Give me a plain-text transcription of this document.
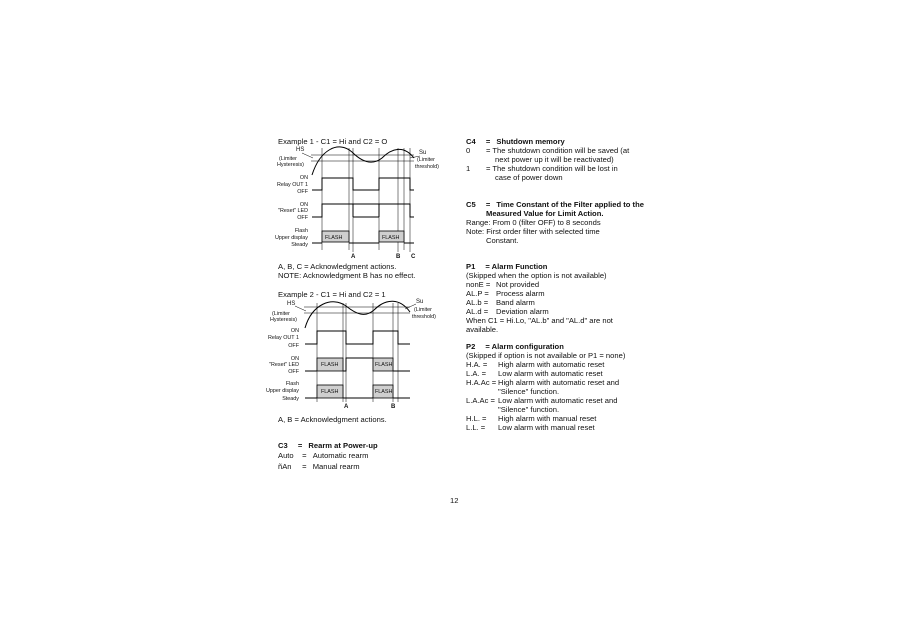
Example 1 - C1 = Hi and C2 = O
HS
(Limiter
Hysteresis)
Su
(Limiter
threshold)
ON
Relay OUT 1
OFF
ON
"Reset" LED
OFF
Flash
Upper display
Steady
FLASH	FLASH
A	B C
A, B, C = Acknowledgment actions.
NOTE: Acknowledgment B has no effect.
Example 2 - C1 = Hi and C2 = 1
HS
(Limiter
Hysteresis)
Su
(Limiter
threshold)
ON
Relay OUT 1
OFF
ON
"Reset" LED
OFF
Flash
Upper display
Steady
FLASH	FLASH
FLASH	FLASH
A	B
A, B = Acknowledgment actions.
C3 = Rearm at Power-up
Auto = Automatic rearm
ñAn = Manual rearm
C4 = Shutdown memory
0 = The shutdown condition will be saved (at
next power up it will be reactivated)
1 = The shutdown condition will be lost in
case of power down
C5 = Time Constant of the Filter applied to the
Measured Value for Limit Action.
Range: From 0 (filter OFF) to 8 seconds
Note: First order filter with selected time
Constant.
P1 = Alarm Function
(Skipped when the option is not available)
nonE = Not provided
AL.P = Process alarm
AL.b = Band alarm
AL.d = Deviation alarm
When C1 = Hi.Lo, "AL.b" and "AL.d" are not
available.
P2 = Alarm configuration
(Skipped if option is not available or P1 = none)
H.A. = High alarm with automatic reset
L.A. = Low alarm with automatic reset
H.A.Ac = High alarm with automatic reset and
"Silence" function.
L.A.Ac = Low alarm with automatic reset and
"Silence" function.
H.L. = High alarm with manual reset
L.L. = Low alarm with manual reset
12
